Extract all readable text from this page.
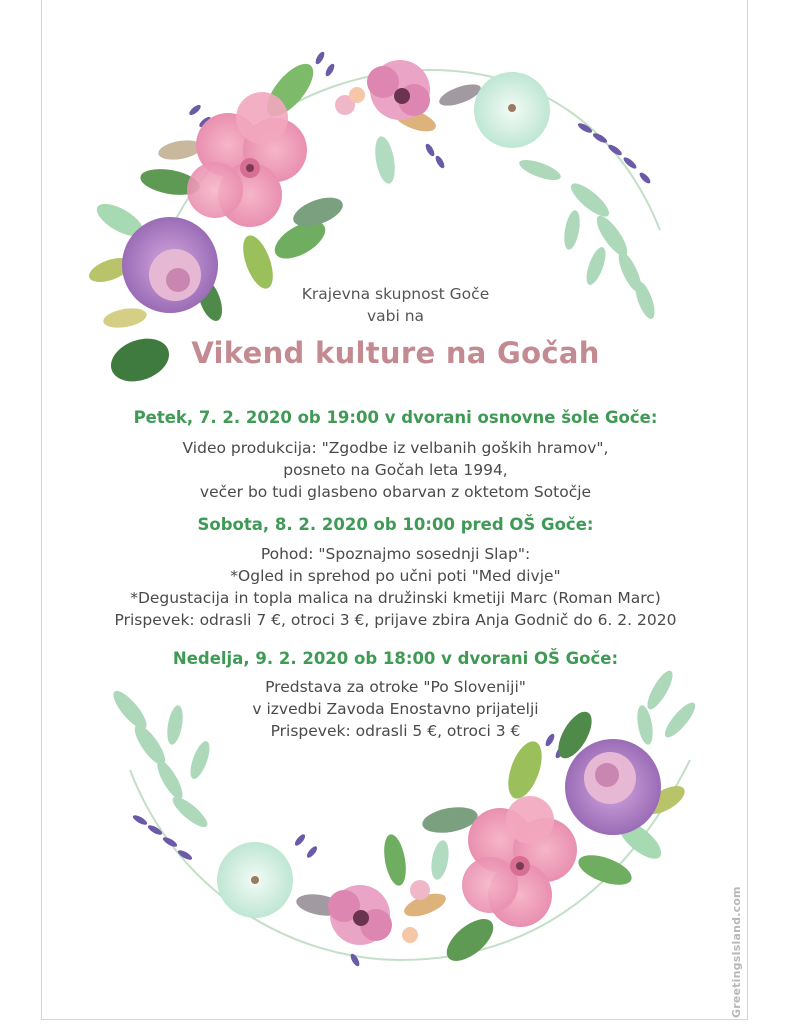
Krajevna skupnost Goče
vabi na
Vikend kulture na Gočah
Petek, 7. 2. 2020 ob 19:00 v dvorani osnovne šole Goče:
Video produkcija: "Zgodbe iz velbanih goških hramov",
posneto na Gočah leta 1994,
večer bo tudi glasbeno obarvan z oktetom Sotočje
Sobota, 8. 2. 2020 ob 10:00 pred OŠ Goče:
Pohod: "Spoznajmo sosednji Slap":
*Ogled in sprehod po učni poti "Med divje"
*Degustacija in topla malica na družinski kmetiji Marc (Roman Marc)
Prispevek: odrasli 7 €, otroci 3 €, prijave zbira Anja Godnič do 6. 2. 2020
Nedelja, 9. 2. 2020 ob 18:00 v dvorani OŠ Goče:
Predstava za otroke "Po Sloveniji"
v izvedbi Zavoda Enostavno prijatelji
Prispevek: odrasli 5 €, otroci 3 €
GreetingsIsland.com
